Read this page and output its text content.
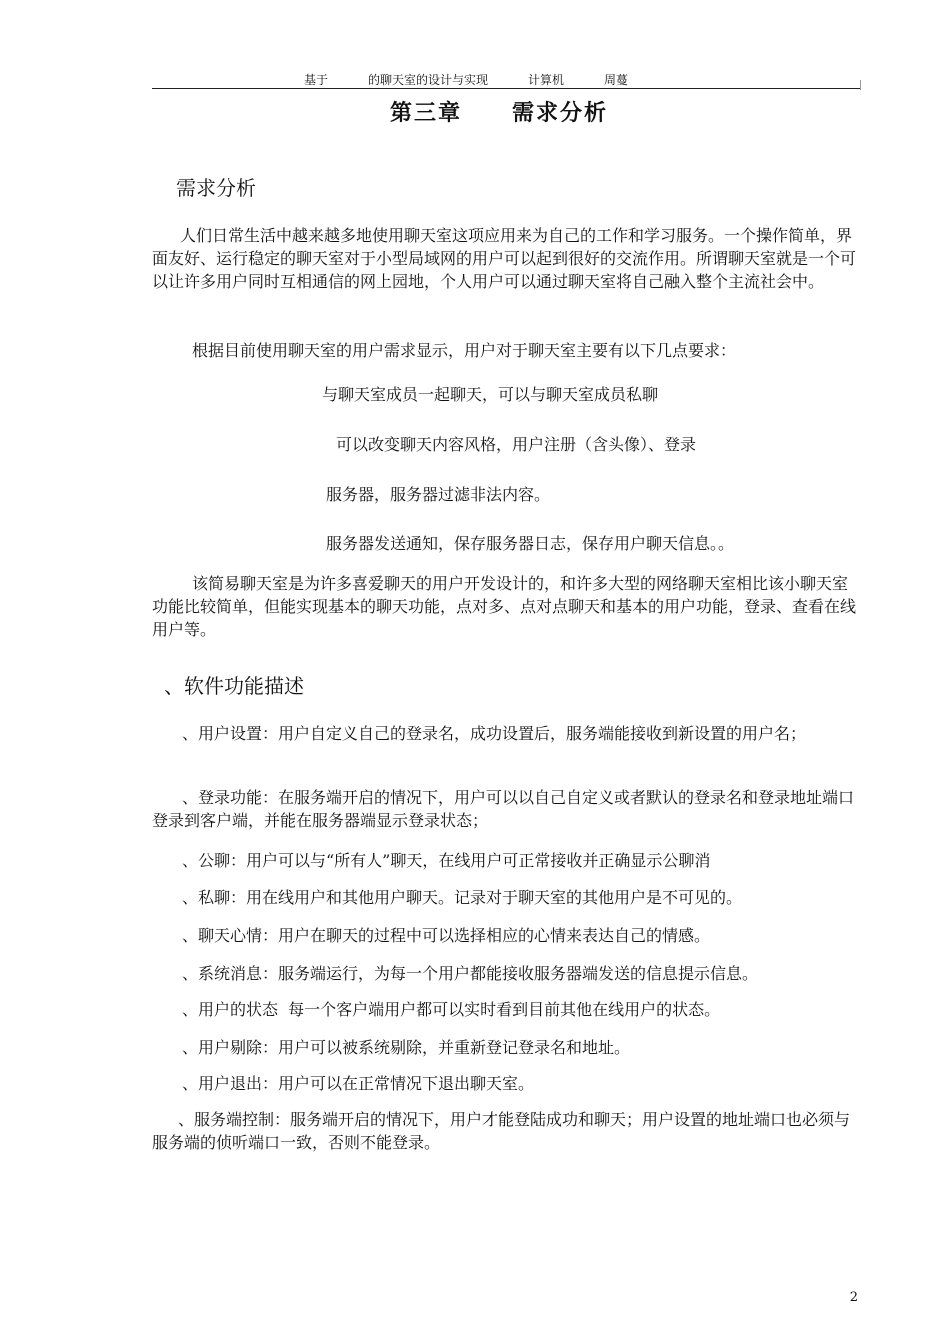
基于	的聊天室的设计与实现	计算机	周蔓
第三章 需求分析
需求分析
人们日常生活中越来越多地使用聊天室这项应用来为自己的工作和学习服务。一个操作简单，界面友好、运行稳定的聊天室对于小型局域网的用户可以起到很好的交流作用。所谓聊天室就是一个可以让许多用户同时互相通信的网上园地，个人用户可以通过聊天室将自己融入整个主流社会中。
根据目前使用聊天室的用户需求显示，用户对于聊天室主要有以下几点要求：
与聊天室成员一起聊天，可以与聊天室成员私聊
可以改变聊天内容风格，用户注册（含头像）、登录
服务器，服务器过滤非法内容。
服务器发送通知，保存服务器日志，保存用户聊天信息。。
该简易聊天室是为许多喜爱聊天的用户开发设计的，和许多大型的网络聊天室相比该小聊天室功能比较简单，但能实现基本的聊天功能，点对多、点对点聊天和基本的用户功能，登录、查看在线用户等。
、软件功能描述
、用户设置：用户自定义自己的登录名，成功设置后，服务端能接收到新设置的用户名；
、登录功能：在服务端开启的情况下，用户可以以自己自定义或者默认的登录名和登录地址端口登录到客户端，并能在服务器端显示登录状态；
、公聊：用户可以与“所有人”聊天，在线用户可正常接收并正确显示公聊消
、私聊：用在线用户和其他用户聊天。记录对于聊天室的其他用户是不可见的。
、聊天心情：用户在聊天的过程中可以选择相应的心情来表达自己的情感。
、系统消息：服务端运行，为每一个用户都能接收服务器端发送的信息提示信息。
、用户的状态  每一个客户端用户都可以实时看到目前其他在线用户的状态。
、用户剔除：用户可以被系统剔除，并重新登记登录名和地址。
、用户退出：用户可以在正常情况下退出聊天室。
、服务端控制：服务端开启的情况下，用户才能登陆成功和聊天；用户设置的地址端口也必须与服务端的侦听端口一致，否则不能登录。
2
